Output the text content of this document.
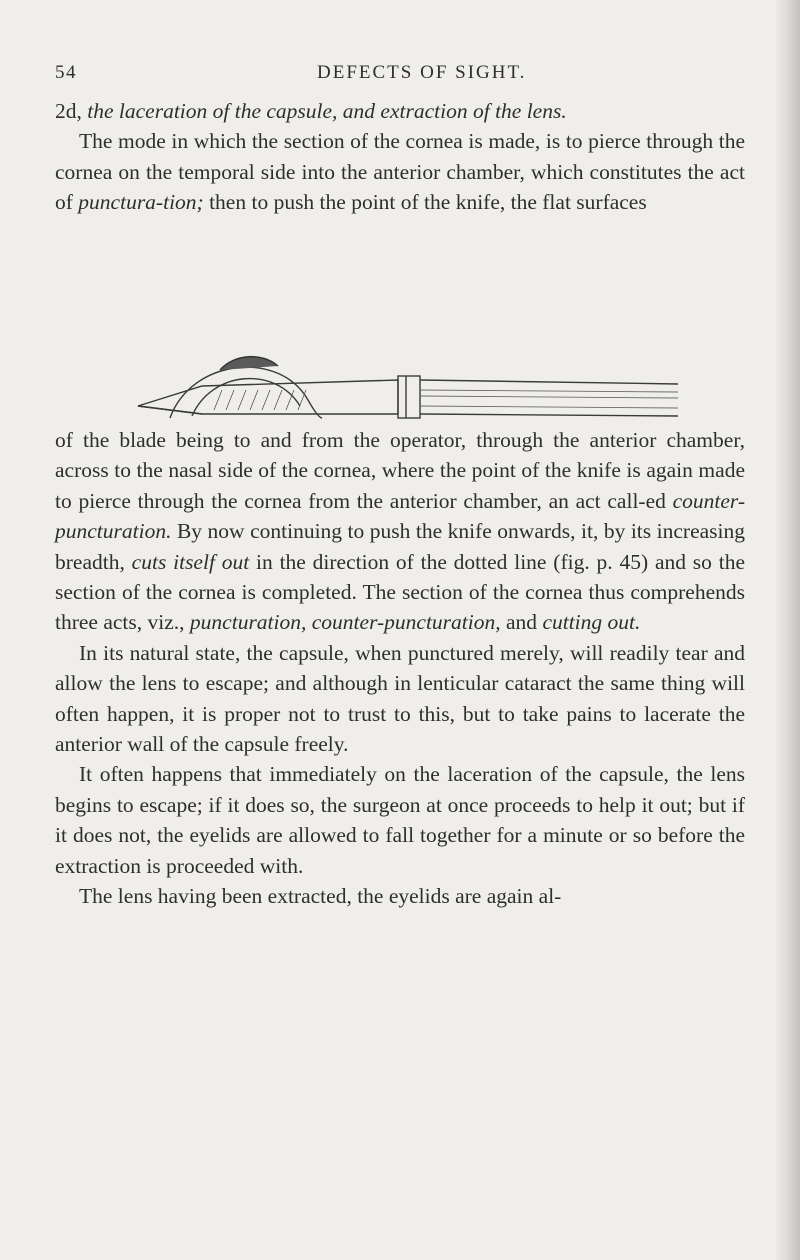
54	DEFECTS OF SIGHT.

2d, the laceration of the capsule, and extraction of the lens.

The mode in which the section of the cornea is made, is to pierce through the cornea on the temporal side into the anterior chamber, which constitutes the act of punctura-tion; then to push the point of the knife, the flat surfaces

of the blade being to and from the operator, through the anterior chamber, across to the nasal side of the cornea, where the point of the knife is again made to pierce through the cornea from the anterior chamber, an act call-ed counter-puncturation. By now continuing to push the knife onwards, it, by its increasing breadth, cuts itself out in the direction of the dotted line (fig. p. 45) and so the section of the cornea is completed. The section of the cornea thus comprehends three acts, viz., puncturation, counter-puncturation, and cutting out.

In its natural state, the capsule, when punctured merely, will readily tear and allow the lens to escape; and although in lenticular cataract the same thing will often happen, it is proper not to trust to this, but to take pains to lacerate the anterior wall of the capsule freely.

It often happens that immediately on the laceration of the capsule, the lens begins to escape; if it does so, the surgeon at once proceeds to help it out; but if it does not, the eyelids are allowed to fall together for a minute or so before the extraction is proceeded with.

The lens having been extracted, the eyelids are again al-
